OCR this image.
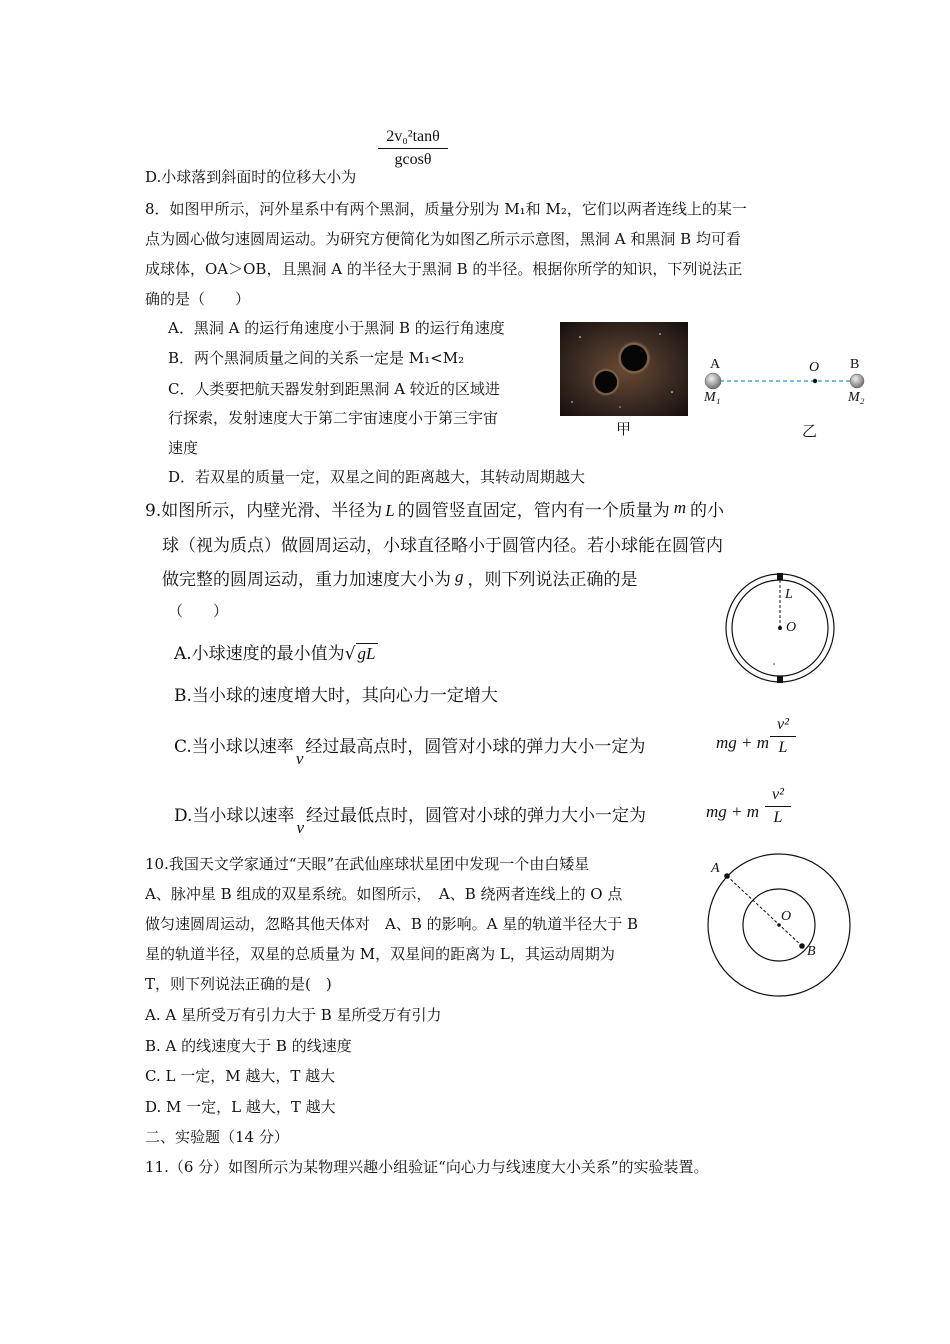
2v₀²tanθ
gcosθ
D.小球落到斜面时的位移大小为
8．如图甲所示，河外星系中有两个黑洞，质量分别为 M₁和 M₂，它们以两者连线上的某一
点为圆心做匀速圆周运动。为研究方便简化为如图乙所示示意图，黑洞 A 和黑洞 B 均可看
成球体，OA＞OB，且黑洞 A 的半径大于黑洞 B 的半径。根据你所学的知识，下列说法正
确的是（　　）
A．黑洞 A 的运行角速度小于黑洞 B 的运行角速度
B．两个黑洞质量之间的关系一定是 M₁<M₂
C．人类要把航天器发射到距黑洞 A 较近的区域进
行探索，发射速度大于第二宇宙速度小于第三宇宙
速度
D．若双星的质量一定，双星之间的距离越大，其转动周期越大
甲
A	O B
M₁	M₂
乙
9.如图所示，内壁光滑、半径为 L 的圆管竖直固定，管内有一个质量为 m 的小
球（视为质点）做圆周运动，小球直径略小于圆管内径。若小球能在圆管内
做完整的圆周运动，重力加速度大小为 g ，则下列说法正确的是
（　　）
A.小球速度的最小值为√ gL
B.当小球的速度增大时，其向心力一定增大
C.当小球以速率v经过最高点时，圆管对小球的弹力大小一定为	mg + m
v²
L
D.当小球以速率v经过最低点时，圆管对小球的弹力大小一定为	mg + m
v²
L
L
O
10.我国天文学家通过“天眼”在武仙座球状星团中发现一个由白矮星
A、脉冲星 B 组成的双星系统。如图所示，　A、B 绕两者连线上的 O 点
做匀速圆周运动，忽略其他天体对　A、B 的影响。A 星的轨道半径大于 B
星的轨道半径，双星的总质量为 M，双星间的距离为 L，其运动周期为
T，则下列说法正确的是(　)
A. A 星所受万有引力大于 B 星所受万有引力
B. A 的线速度大于 B 的线速度
C. L 一定，M 越大，T 越大
D. M 一定，L 越大，T 越大
A
O
B
二、实验题（14 分）
11.（6 分）如图所示为某物理兴趣小组验证“向心力与线速度大小关系”的实验装置。
